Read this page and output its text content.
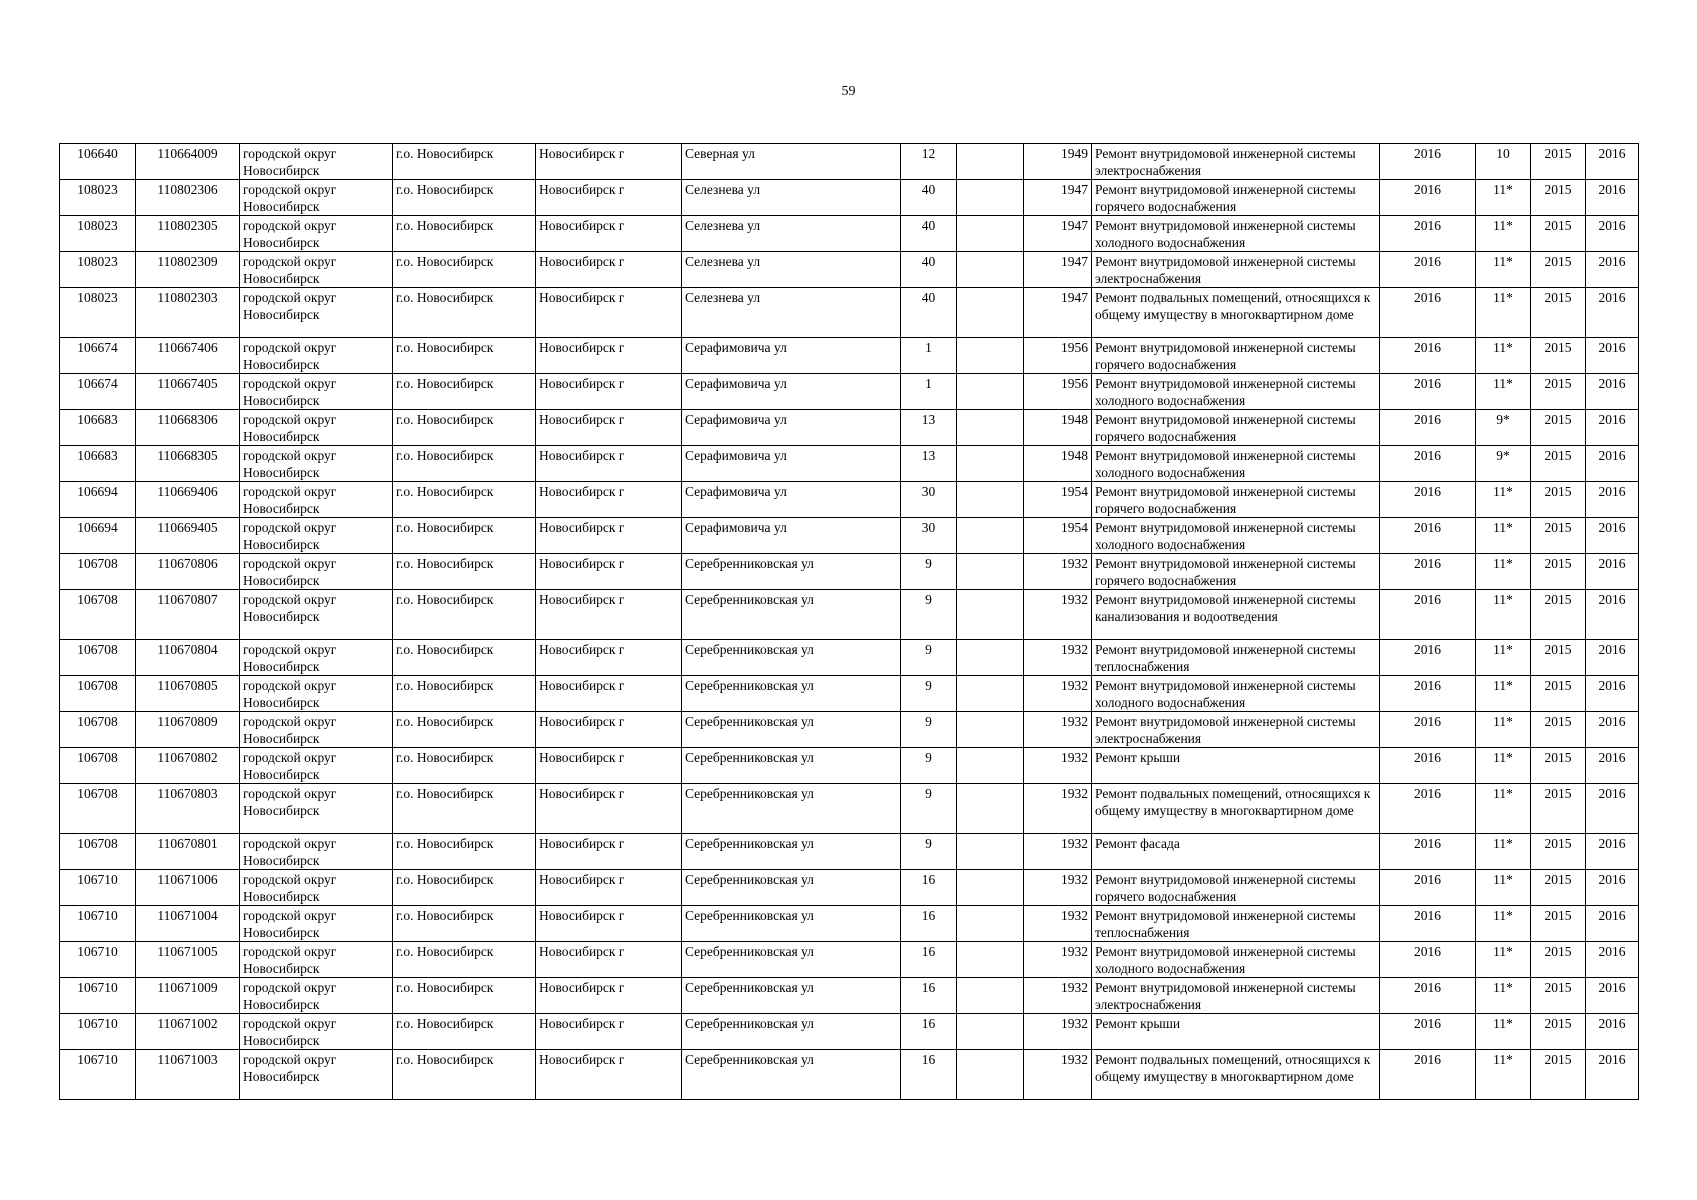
59
106640	110664009	городской округ Новосибирск	г.о. Новосибирск	Новосибирск г	Северная ул	12		1949	Ремонт внутридомовой инженерной системы электроснабжения	2016	10	2015	2016
108023	110802306	городской округ Новосибирск	г.о. Новосибирск	Новосибирск г	Селезнева ул	40		1947	Ремонт внутридомовой инженерной системы горячего водоснабжения	2016	11*	2015	2016
108023	110802305	городской округ Новосибирск	г.о. Новосибирск	Новосибирск г	Селезнева ул	40		1947	Ремонт внутридомовой инженерной системы холодного водоснабжения	2016	11*	2015	2016
108023	110802309	городской округ Новосибирск	г.о. Новосибирск	Новосибирск г	Селезнева ул	40		1947	Ремонт внутридомовой инженерной системы электроснабжения	2016	11*	2015	2016
108023	110802303	городской округ Новосибирск	г.о. Новосибирск	Новосибирск г	Селезнева ул	40		1947	Ремонт подвальных помещений, относящихся к общему имуществу в многоквартирном доме	2016	11*	2015	2016
106674	110667406	городской округ Новосибирск	г.о. Новосибирск	Новосибирск г	Серафимовича ул	1		1956	Ремонт внутридомовой инженерной системы горячего водоснабжения	2016	11*	2015	2016
106674	110667405	городской округ Новосибирск	г.о. Новосибирск	Новосибирск г	Серафимовича ул	1		1956	Ремонт внутридомовой инженерной системы холодного водоснабжения	2016	11*	2015	2016
106683	110668306	городской округ Новосибирск	г.о. Новосибирск	Новосибирск г	Серафимовича ул	13		1948	Ремонт внутридомовой инженерной системы горячего водоснабжения	2016	9*	2015	2016
106683	110668305	городской округ Новосибирск	г.о. Новосибирск	Новосибирск г	Серафимовича ул	13		1948	Ремонт внутридомовой инженерной системы холодного водоснабжения	2016	9*	2015	2016
106694	110669406	городской округ Новосибирск	г.о. Новосибирск	Новосибирск г	Серафимовича ул	30		1954	Ремонт внутридомовой инженерной системы горячего водоснабжения	2016	11*	2015	2016
106694	110669405	городской округ Новосибирск	г.о. Новосибирск	Новосибирск г	Серафимовича ул	30		1954	Ремонт внутридомовой инженерной системы холодного водоснабжения	2016	11*	2015	2016
106708	110670806	городской округ Новосибирск	г.о. Новосибирск	Новосибирск г	Серебренниковская ул	9		1932	Ремонт внутридомовой инженерной системы горячего водоснабжения	2016	11*	2015	2016
106708	110670807	городской округ Новосибирск	г.о. Новосибирск	Новосибирск г	Серебренниковская ул	9		1932	Ремонт внутридомовой инженерной системы канализования и водоотведения	2016	11*	2015	2016
106708	110670804	городской округ Новосибирск	г.о. Новосибирск	Новосибирск г	Серебренниковская ул	9		1932	Ремонт внутридомовой инженерной системы теплоснабжения	2016	11*	2015	2016
106708	110670805	городской округ Новосибирск	г.о. Новосибирск	Новосибирск г	Серебренниковская ул	9		1932	Ремонт внутридомовой инженерной системы холодного водоснабжения	2016	11*	2015	2016
106708	110670809	городской округ Новосибирск	г.о. Новосибирск	Новосибирск г	Серебренниковская ул	9		1932	Ремонт внутридомовой инженерной системы электроснабжения	2016	11*	2015	2016
106708	110670802	городской округ Новосибирск	г.о. Новосибирск	Новосибирск г	Серебренниковская ул	9		1932	Ремонт крыши	2016	11*	2015	2016
106708	110670803	городской округ Новосибирск	г.о. Новосибирск	Новосибирск г	Серебренниковская ул	9		1932	Ремонт подвальных помещений, относящихся к общему имуществу в многоквартирном доме	2016	11*	2015	2016
106708	110670801	городской округ Новосибирск	г.о. Новосибирск	Новосибирск г	Серебренниковская ул	9		1932	Ремонт фасада	2016	11*	2015	2016
106710	110671006	городской округ Новосибирск	г.о. Новосибирск	Новосибирск г	Серебренниковская ул	16		1932	Ремонт внутридомовой инженерной системы горячего водоснабжения	2016	11*	2015	2016
106710	110671004	городской округ Новосибирск	г.о. Новосибирск	Новосибирск г	Серебренниковская ул	16		1932	Ремонт внутридомовой инженерной системы теплоснабжения	2016	11*	2015	2016
106710	110671005	городской округ Новосибирск	г.о. Новосибирск	Новосибирск г	Серебренниковская ул	16		1932	Ремонт внутридомовой инженерной системы холодного водоснабжения	2016	11*	2015	2016
106710	110671009	городской округ Новосибирск	г.о. Новосибирск	Новосибирск г	Серебренниковская ул	16		1932	Ремонт внутридомовой инженерной системы электроснабжения	2016	11*	2015	2016
106710	110671002	городской округ Новосибирск	г.о. Новосибирск	Новосибирск г	Серебренниковская ул	16		1932	Ремонт крыши	2016	11*	2015	2016
106710	110671003	городской округ Новосибирск	г.о. Новосибирск	Новосибирск г	Серебренниковская ул	16		1932	Ремонт подвальных помещений, относящихся к общему имуществу в многоквартирном доме	2016	11*	2015	2016
